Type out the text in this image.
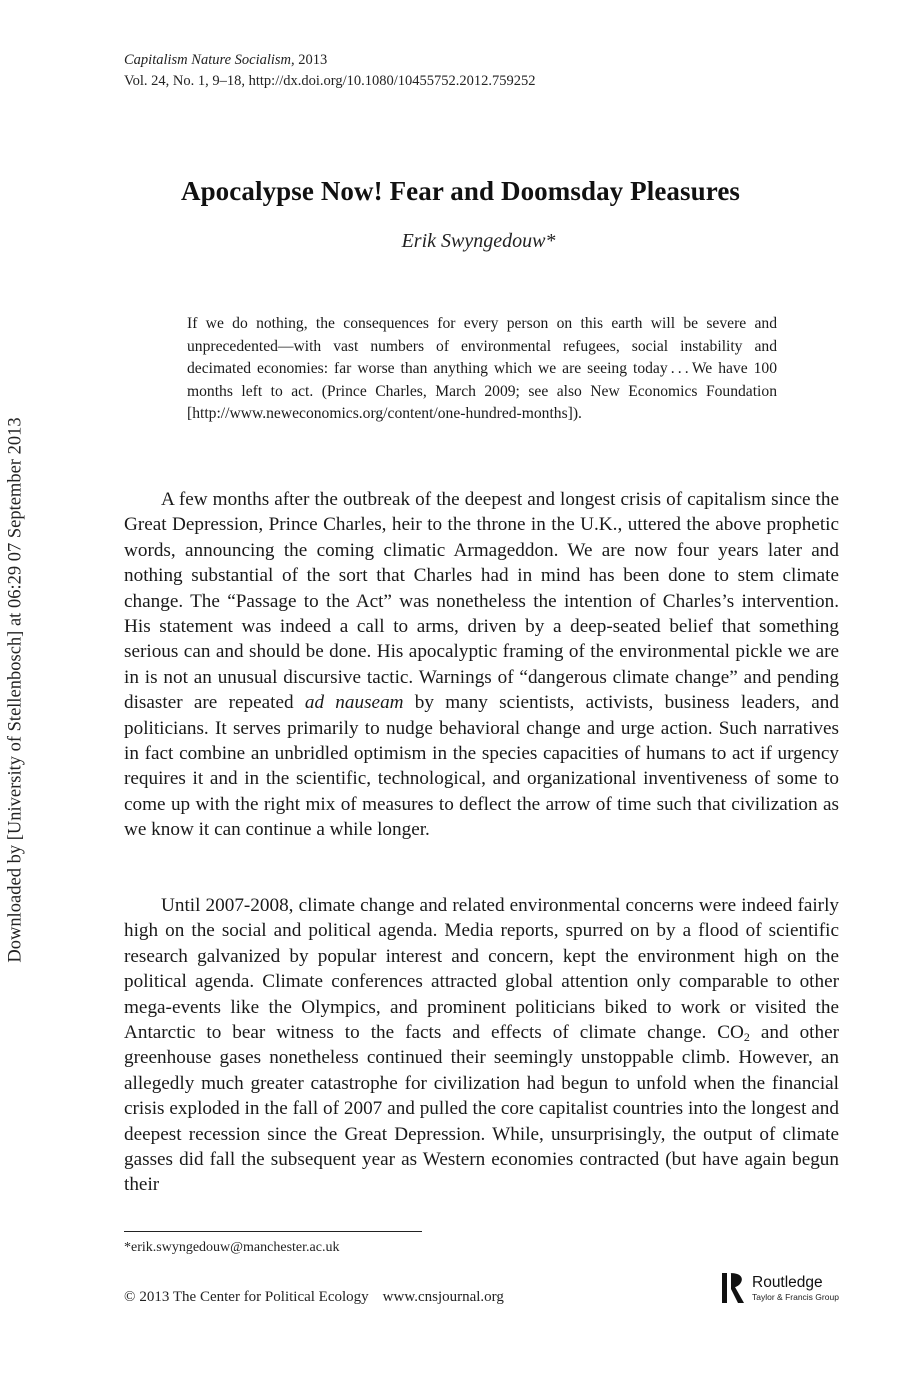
Capitalism Nature Socialism, 2013
Vol. 24, No. 1, 9–18, http://dx.doi.org/10.1080/10455752.2012.759252
Downloaded by [University of Stellenbosch] at 06:29 07 September 2013
Apocalypse Now! Fear and Doomsday Pleasures
Erik Swyngedouw*
If we do nothing, the consequences for every person on this earth will be severe and unprecedented—with vast numbers of environmental refugees, social instability and decimated economies: far worse than anything which we are seeing today . . . We have 100 months left to act. (Prince Charles, March 2009; see also New Economics Foundation [http://www.neweconomics.org/content/one-hundred-months]).

A few months after the outbreak of the deepest and longest crisis of capitalism since the Great Depression, Prince Charles, heir to the throne in the U.K., uttered the above prophetic words, announcing the coming climatic Armageddon. We are now four years later and nothing substantial of the sort that Charles had in mind has been done to stem climate change. The “Passage to the Act” was nonetheless the intention of Charles’s intervention. His statement was indeed a call to arms, driven by a deep-seated belief that something serious can and should be done. His apocalyptic framing of the environmental pickle we are in is not an unusual discursive tactic. Warnings of “dangerous climate change” and pending disaster are repeated ad nauseam by many scientists, activists, business leaders, and politicians. It serves primarily to nudge behavioral change and urge action. Such narratives in fact combine an unbridled optimism in the species capacities of humans to act if urgency requires it and in the scientific, technological, and organizational inventiveness of some to come up with the right mix of measures to deflect the arrow of time such that civilization as we know it can continue a while longer.

Until 2007-2008, climate change and related environmental concerns were indeed fairly high on the social and political agenda. Media reports, spurred on by a flood of scientific research galvanized by popular interest and concern, kept the environment high on the political agenda. Climate conferences attracted global attention only comparable to other mega-events like the Olympics, and prominent politicians biked to work or visited the Antarctic to bear witness to the facts and effects of climate change. $CO_2$ and other greenhouse gases nonetheless continued their seemingly unstoppable climb. However, an allegedly much greater catastrophe for civilization had begun to unfold when the financial crisis exploded in the fall of 2007 and pulled the core capitalist countries into the longest and deepest recession since the Great Depression. While, unsurprisingly, the output of climate gasses did fall the subsequent year as Western economies contracted (but have again begun their

*erik.swyngedouw@manchester.ac.uk
© 2013 The Center for Political Ecology www.cnsjournal.org
Routledge
Taylor & Francis Group
